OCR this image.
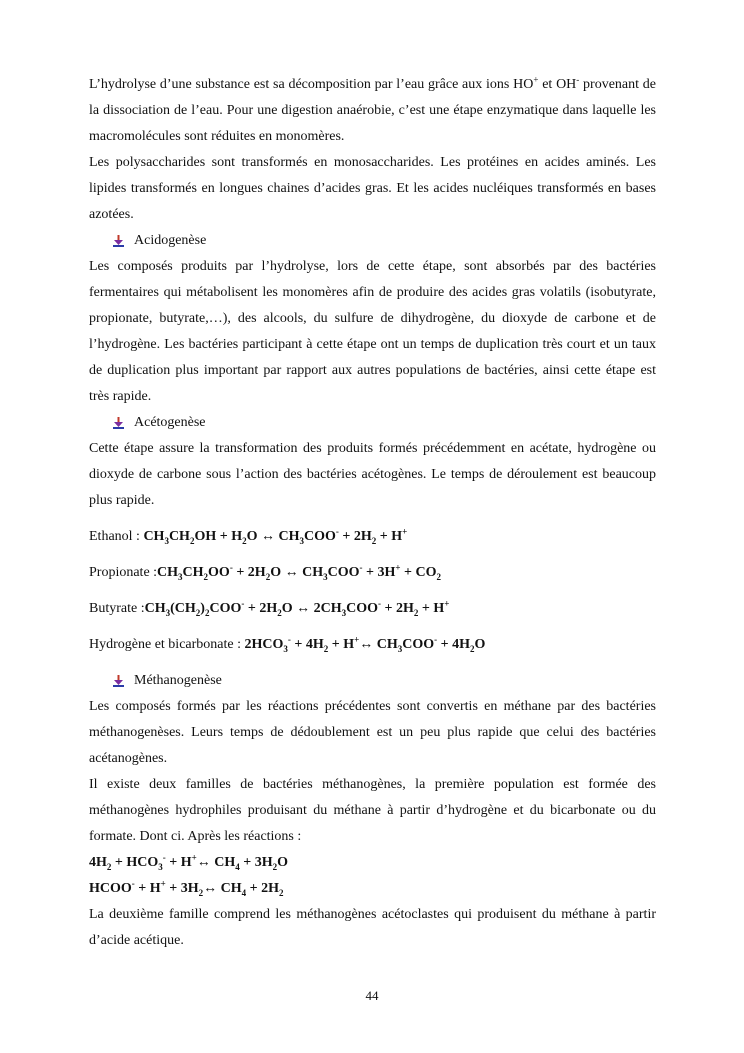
L’hydrolyse d’une substance est sa décomposition par l’eau grâce aux ions HO+ et OH- provenant de la dissociation de l’eau. Pour une digestion anaérobie, c’est une étape enzymatique dans laquelle les macromolécules sont réduites en monomères.

Les polysaccharides sont transformés en monosaccharides. Les protéines en acides aminés. Les lipides transformés en longues chaines d’acides gras. Et les acides nucléiques transformés en bases azotées.

Acidogenèse

Les composés produits par l’hydrolyse, lors de cette étape, sont absorbés par des bactéries fermentaires qui métabolisent les monomères afin de produire des acides gras volatils (isobutyrate, propionate, butyrate,…), des alcools, du sulfure de dihydrogène, du dioxyde de carbone et de l’hydrogène. Les bactéries participant à cette étape ont un temps de duplication très court et un taux de duplication plus important par rapport aux autres populations de bactéries, ainsi cette étape est très rapide.

Acétogenèse

Cette étape assure la transformation des produits formés précédemment en acétate, hydrogène ou dioxyde de carbone sous l’action des bactéries acétogènes. Le temps de déroulement est beaucoup plus rapide.

Ethanol : $CH_3CH_2OH + H_2O$ ↔ $CH_3COO^- + 2H_2 + H^+$
Propionate $:CH_3CH_2OO^- + 2H_2O$ ↔ $CH_3COO^- + 3H^+ + CO_2$
Butyrate $:CH_3(CH_2)_2COO^- + 2H_2O$ ↔ $2CH_3COO^- + 2H_2 + H^+$
Hydrogène et bicarbonate : $2HCO_3^- + 4H_2$ + H+↔ $CH_3COO^- + 4H_2O$
Méthanogenèse

Les composés formés par les réactions précédentes sont convertis en méthane par des bactéries méthanogenèses. Leurs temps de dédoublement est un peu plus rapide que celui des bactéries acétanogènes.

Il existe deux familles de bactéries méthanogènes, la première population est formée des méthanogènes hydrophiles produisant du méthane à partir d’hydrogène et du bicarbonate ou du formate. Dont ci. Après les réactions :

$4H_2 + HCO_3^-$ + H+↔ $CH_4 + 3H_2O$
HCOO- + $H^+ + 3H_2\leftrightarrow$ $CH_4 + 2H_2$

La deuxième famille comprend les méthanogènes acétoclastes qui produisent du méthane à partir d’acide acétique.

44
